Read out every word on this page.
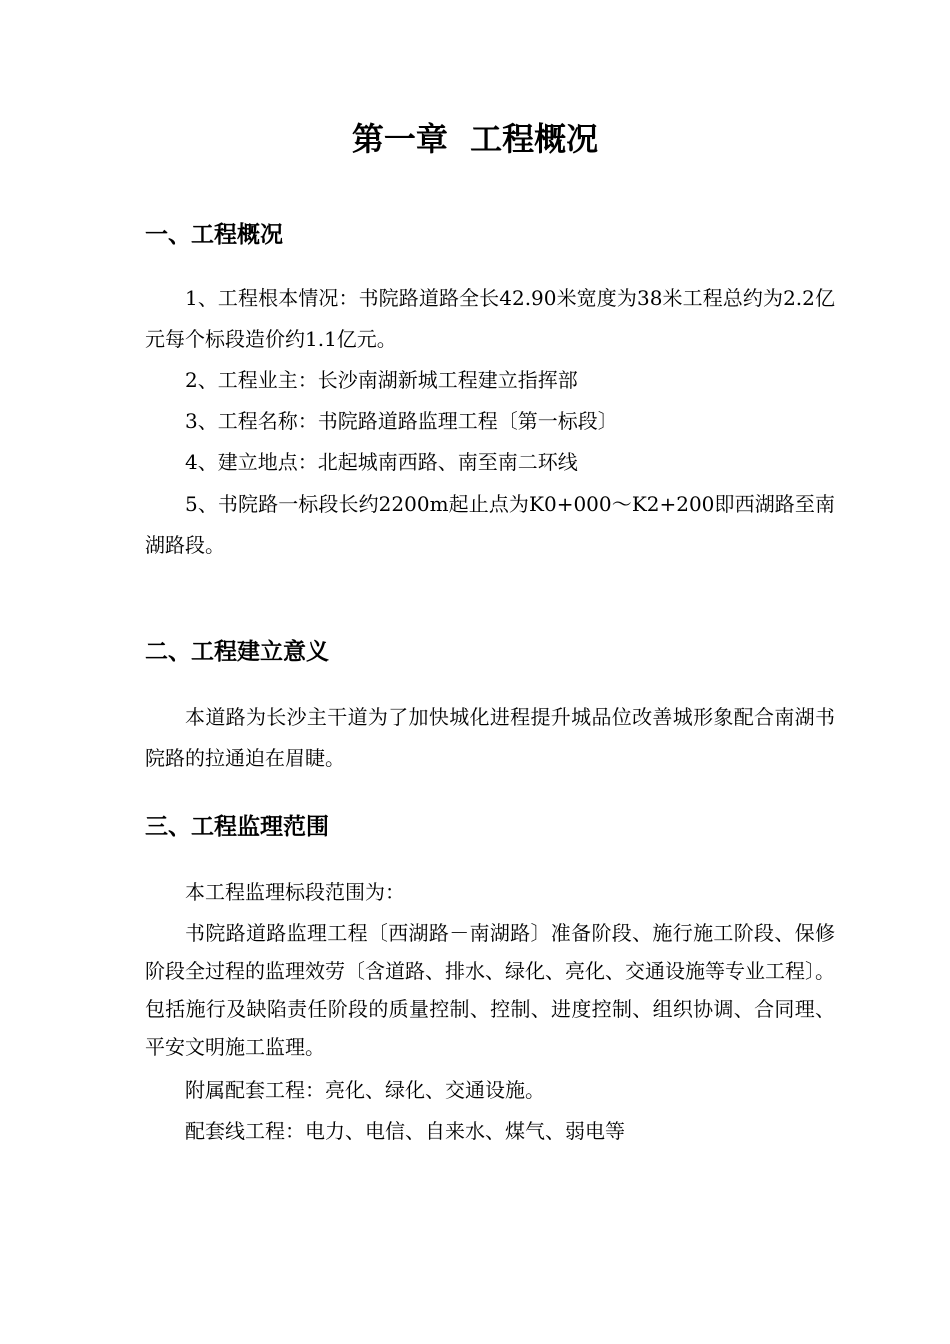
第一章  工程概况
一、工程概况
1、工程根本情况：书院路道路全长42.90米宽度为38米工程总约为2.2亿元每个标段造价约1.1亿元。
2、工程业主：长沙南湖新城工程建立指挥部
3、工程名称：书院路道路监理工程〔第一标段〕
4、建立地点：北起城南西路、南至南二环线
5、书院路一标段长约2200m起止点为K0+000～K2+200即西湖路至南湖路段。
二、工程建立意义
本道路为长沙主干道为了加快城化进程提升城品位改善城形象配合南湖书院路的拉通迫在眉睫。
三、工程监理范围
本工程监理标段范围为：
书院路道路监理工程〔西湖路－南湖路〕准备阶段、施行施工阶段、保修阶段全过程的监理效劳〔含道路、排水、绿化、亮化、交通设施等专业工程〕。包括施行及缺陷责任阶段的质量控制、控制、进度控制、组织协调、合同理、平安文明施工监理。
附属配套工程：亮化、绿化、交通设施。
配套线工程：电力、电信、自来水、煤气、弱电等
